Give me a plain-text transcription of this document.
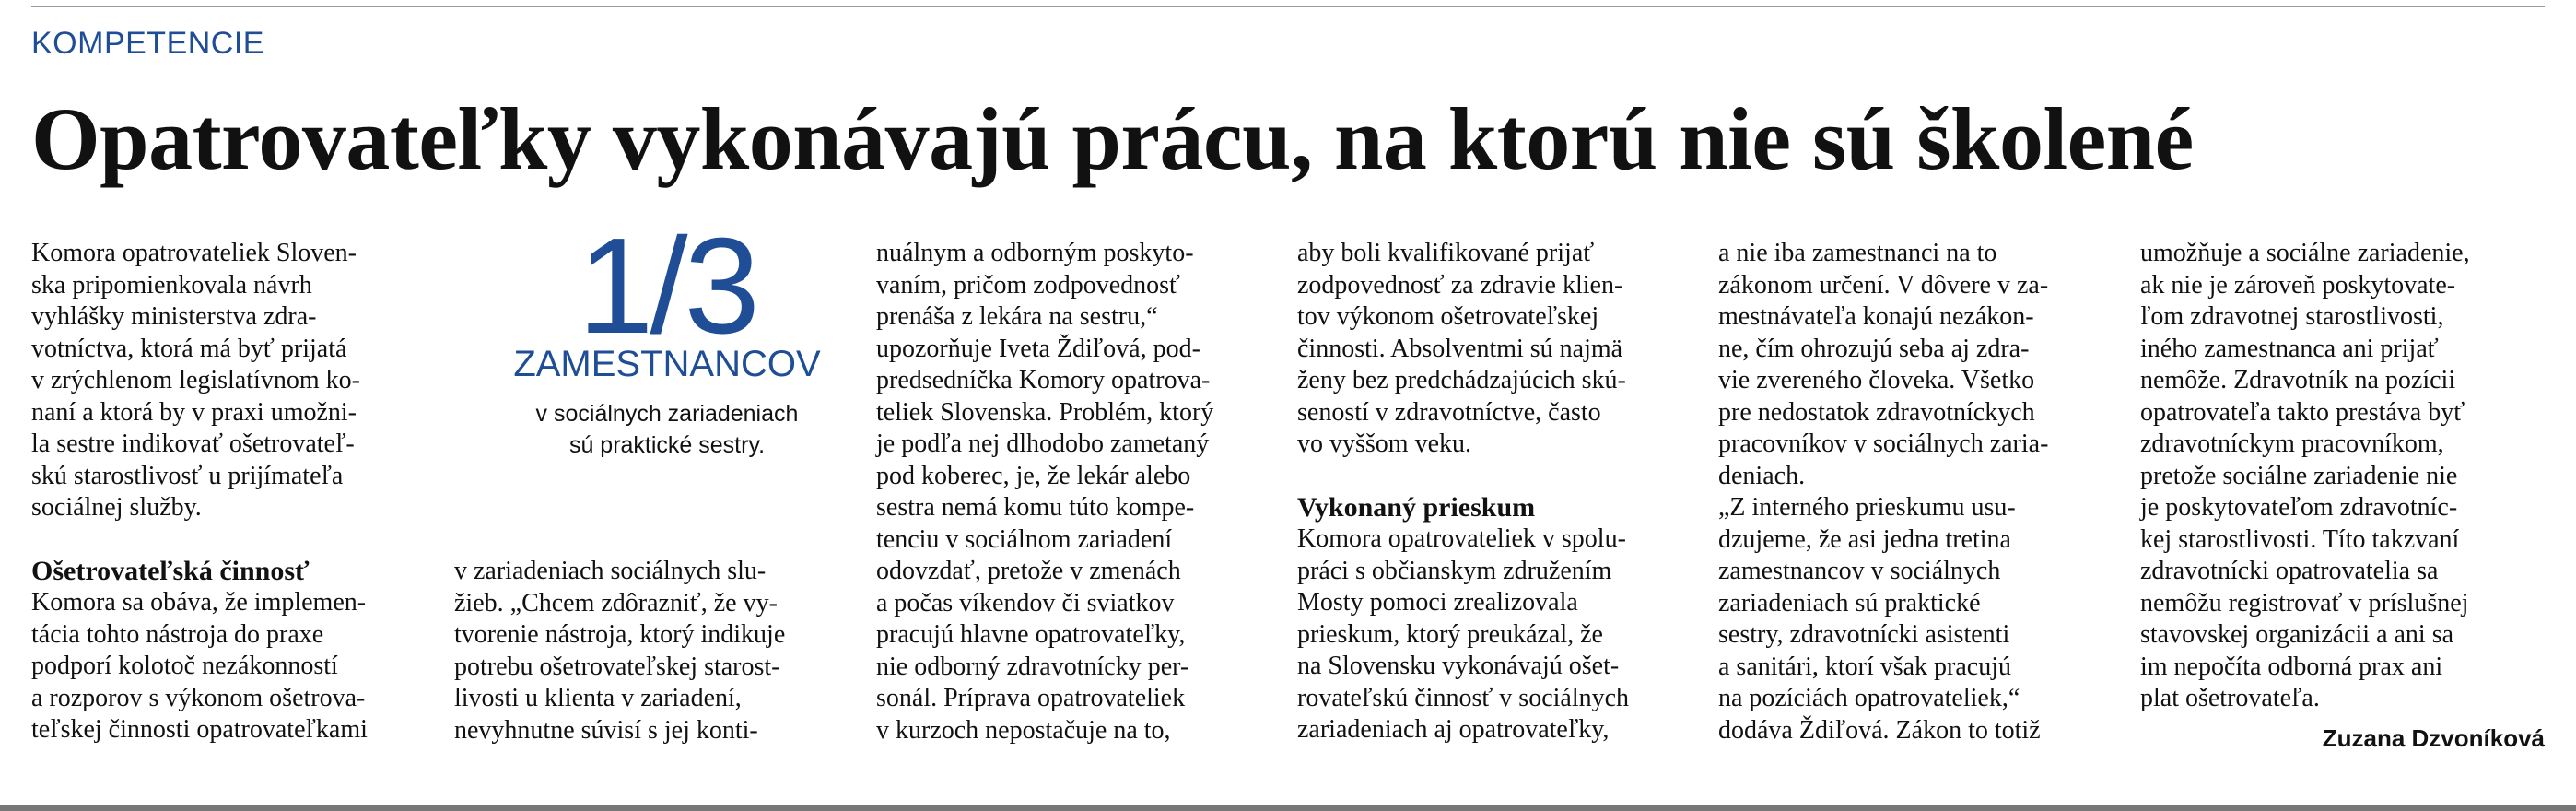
KOMPETENCIE
Opatrovateľky vykonávajú prácu, na ktorú nie sú školené

Komora opatrovateliek Sloven-

ska pripomienkovala návrh

vyhlášky ministerstva zdra-

votníctva, ktorá má byť prijatá

v zrýchlenom legislatívnom ko-

naní a ktorá by v praxi umožni-

la sestre indikovať ošetrovateľ-

skú starostlivosť u prijímateľa

sociálnej služby.

Ošetrovateľská činnosť

Komora sa obáva, že implemen-

tácia tohto nástroja do praxe

podporí kolotoč nezákonností

a rozporov s výkonom ošetrova-

teľskej činnosti opatrovateľkami

1/3
ZAMESTNANCOV
v sociálnych zariadeniach
sú praktické sestry.

v zariadeniach sociálnych slu-

žieb. „Chcem zdôrazniť, že vy-

tvorenie nástroja, ktorý indikuje

potrebu ošetrovateľskej starost-

livosti u klienta v zariadení,

nevyhnutne súvisí s jej konti-

nuálnym a odborným poskyto-

vaním, pričom zodpovednosť

prenáša z lekára na sestru,“

upozorňuje Iveta Ždiľová, pod-

predsedníčka Komory opatrova-

teliek Slovenska. Problém, ktorý

je podľa nej dlhodobo zametaný

pod koberec, je, že lekár alebo

sestra nemá komu túto kompe-

tenciu v sociálnom zariadení

odovzdať, pretože v zmenách

a počas víkendov či sviatkov

pracujú hlavne opatrovateľky,

nie odborný zdravotnícky per-

sonál. Príprava opatrovateliek

v kurzoch nepostačuje na to,

aby boli kvalifikované prijať

zodpovednosť za zdravie klien-

tov výkonom ošetrovateľskej

činnosti. Absolventmi sú najmä

ženy bez predchádzajúcich skú-

seností v zdravotníctve, často

vo vyššom veku.

Vykonaný prieskum

Komora opatrovateliek v spolu-

práci s občianskym združením

Mosty pomoci zrealizovala

prieskum, ktorý preukázal, že

na Slovensku vykonávajú ošet-

rovateľskú činnosť v sociálnych

zariadeniach aj opatrovateľky,

a nie iba zamestnanci na to

zákonom určení. V dôvere v za-

mestnávateľa konajú nezákon-

ne, čím ohrozujú seba aj zdra-

vie zvereného človeka. Všetko

pre nedostatok zdravotníckych

pracovníkov v sociálnych zaria-

deniach.

„Z interného prieskumu usu-

dzujeme, že asi jedna tretina

zamestnancov v sociálnych

zariadeniach sú praktické

sestry, zdravotnícki asistenti

a sanitári, ktorí však pracujú

na pozíciách opatrovateliek,“

dodáva Ždiľová. Zákon to totiž

umožňuje a sociálne zariadenie,

ak nie je zároveň poskytovate-

ľom zdravotnej starostlivosti,

iného zamestnanca ani prijať

nemôže. Zdravotník na pozícii

opatrovateľa takto prestáva byť

zdravotníckym pracovníkom,

pretože sociálne zariadenie nie

je poskytovateľom zdravotníc-

kej starostlivosti. Títo takzvaní

zdravotnícki opatrovatelia sa

nemôžu registrovať v príslušnej

stavovskej organizácii a ani sa

im nepočíta odborná prax ani

plat ošetrovateľa.

Zuzana Dzvoníková
